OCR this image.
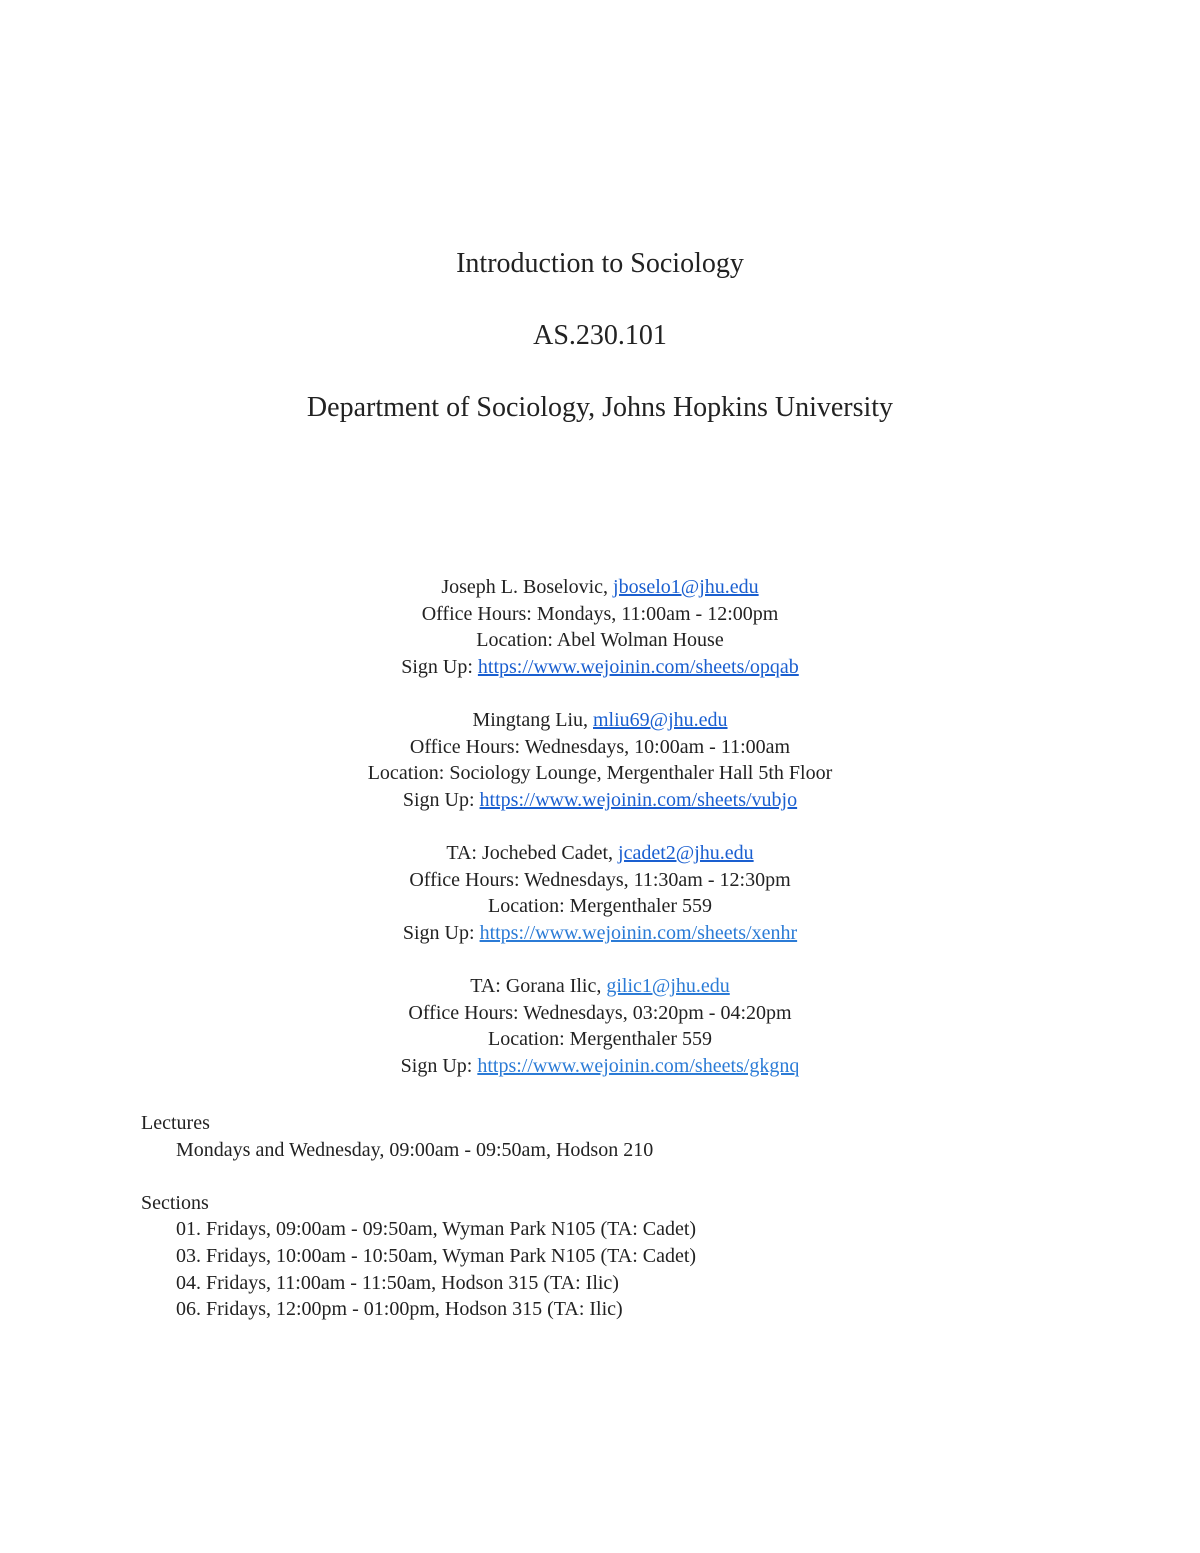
Introduction to Sociology
AS.230.101
Department of Sociology, Johns Hopkins University
Joseph L. Boselovic, jboselo1@jhu.edu
Office Hours: Mondays, 11:00am - 12:00pm
Location: Abel Wolman House
Sign Up: https://www.wejoinin.com/sheets/opqab
Mingtang Liu, mliu69@jhu.edu
Office Hours: Wednesdays, 10:00am - 11:00am
Location: Sociology Lounge, Mergenthaler Hall 5th Floor
Sign Up: https://www.wejoinin.com/sheets/vubjo
TA: Jochebed Cadet, jcadet2@jhu.edu
Office Hours: Wednesdays, 11:30am - 12:30pm
Location: Mergenthaler 559
Sign Up: https://www.wejoinin.com/sheets/xenhr
TA: Gorana Ilic, gilic1@jhu.edu
Office Hours: Wednesdays, 03:20pm - 04:20pm
Location: Mergenthaler 559
Sign Up: https://www.wejoinin.com/sheets/gkgnq
Lectures
Mondays and Wednesday, 09:00am - 09:50am, Hodson 210
Sections
01. Fridays, 09:00am - 09:50am, Wyman Park N105 (TA: Cadet)
03. Fridays, 10:00am - 10:50am, Wyman Park N105 (TA: Cadet)
04. Fridays, 11:00am - 11:50am, Hodson 315 (TA: Ilic)
06. Fridays, 12:00pm - 01:00pm, Hodson 315 (TA: Ilic)
